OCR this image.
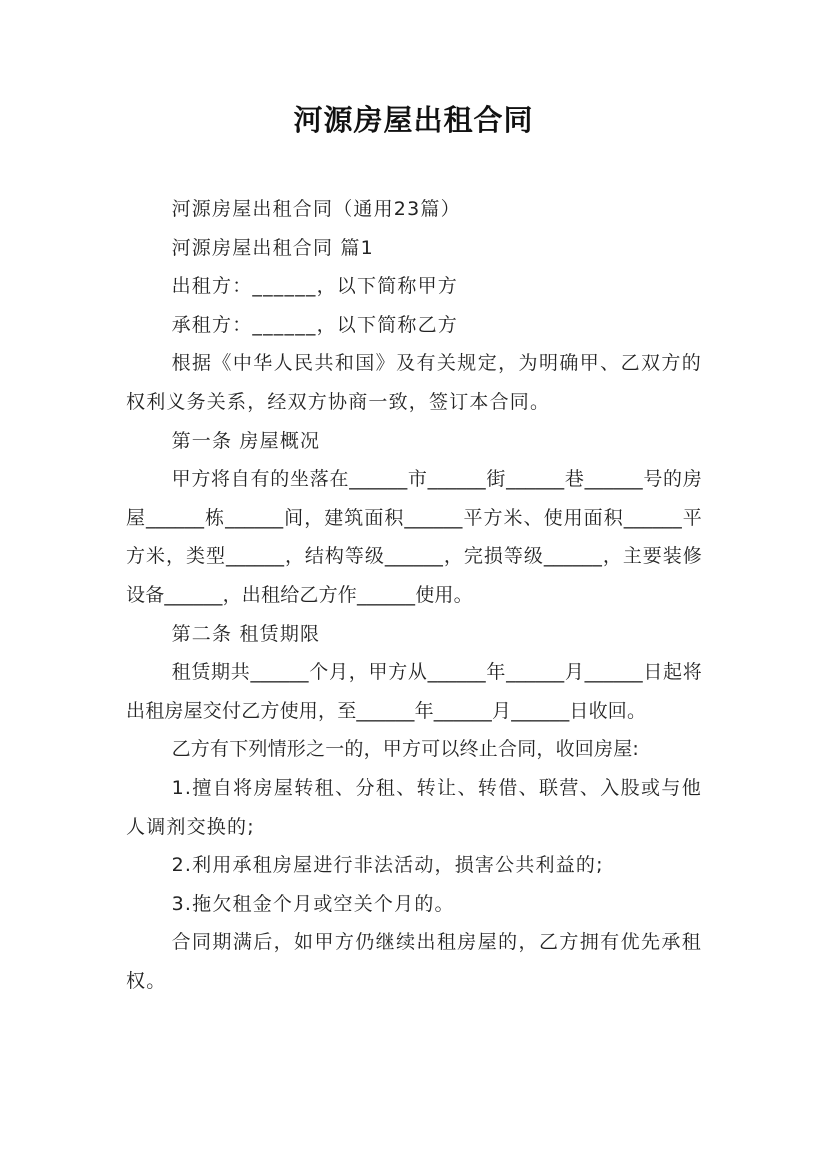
河源房屋出租合同

河源房屋出租合同（通用23篇）

河源房屋出租合同 篇1

出租方：______，以下简称甲方

承租方：______，以下简称乙方

根据《中华人民共和国》及有关规定，为明确甲、乙双方的权利义务关系，经双方协商一致，签订本合同。

第一条 房屋概况

甲方将自有的坐落在______市______街______巷______号的房屋______栋______间，建筑面积______平方米、使用面积______平方米，类型______，结构等级______，完损等级______，主要装修设备______，出租给乙方作______使用。

第二条 租赁期限

租赁期共______个月，甲方从______年______月______日起将出租房屋交付乙方使用，至______年______月______日收回。

乙方有下列情形之一的，甲方可以终止合同，收回房屋:

1.擅自将房屋转租、分租、转让、转借、联营、入股或与他人调剂交换的;

2.利用承租房屋进行非法活动，损害公共利益的;

3.拖欠租金个月或空关个月的。

合同期满后，如甲方仍继续出租房屋的，乙方拥有优先承租权。
